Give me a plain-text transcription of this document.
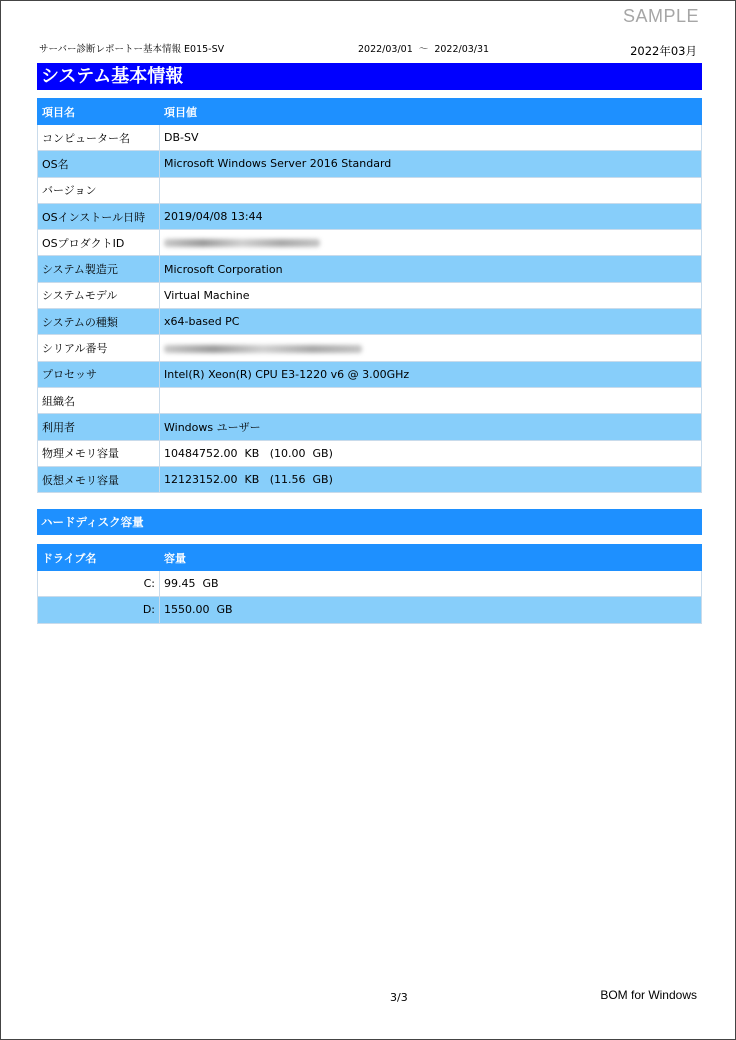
SAMPLE
サーバー診断レポートー基本情報 E015-SV	2022/03/01  ～  2022/03/31	2022年03月
システム基本情報
項目名	項目値
コンピューター名	DB-SV
OS名	Microsoft Windows Server 2016 Standard
バージョン	
OSインストール日時	2019/04/08 13:44
OSプロダクトID	
システム製造元	Microsoft Corporation
システムモデル	Virtual Machine
システムの種類	x64-based PC
シリアル番号	
プロセッサ	Intel(R) Xeon(R) CPU E3-1220 v6 @ 3.00GHz
組織名	
利用者	Windows ユーザー
物理メモリ容量	10484752.00  KB   (10.00  GB)
仮想メモリ容量	12123152.00  KB   (11.56  GB)
ハードディスク容量
ドライブ名	容量
C:	99.45  GB
D:	1550.00  GB
3/3	BOM for Windows
